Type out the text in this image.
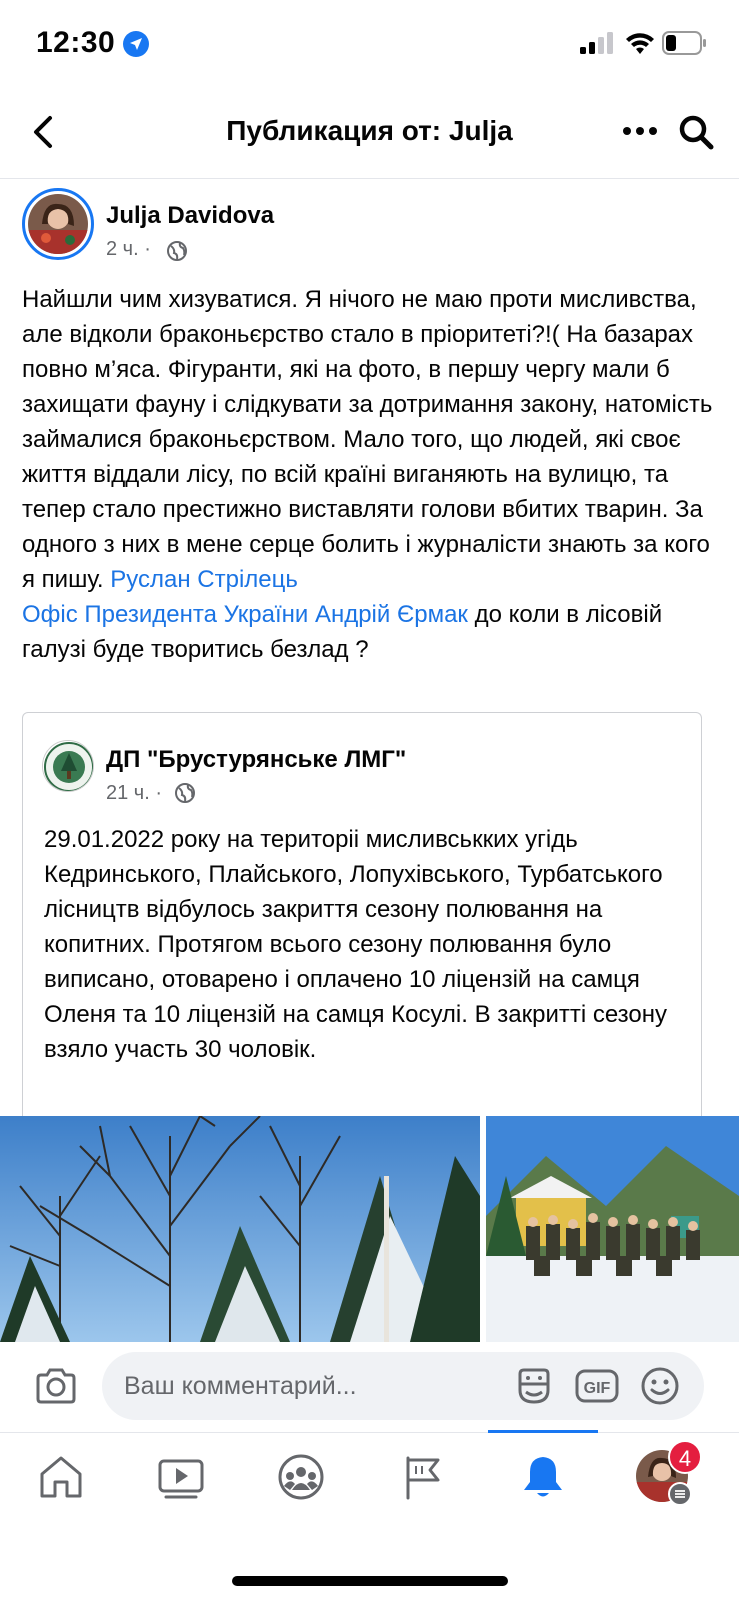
12:30
Публикация от: Julja
Julja Davidova
2 ч. ·
Найшли чим хизуватися. Я нічого не маю проти мисливства, але відколи браконьєрство стало в пріоритеті?!( На базарах повно м’яса. Фігуранти, які на фото, в першу чергу мали б захищати фауну і слідкувати за дотримання закону, натомість займалися браконьєрством. Мало того, що людей, які своє життя віддали лісу, по всій країні виганяють на вулицю, та тепер стало престижно виставляти голови вбитих тварин. За одного з них в мене серце болить і журналісти знають за кого я пишу. Руслан Стрілець
Офіс Президента України Андрій Єрмак до коли в лісовій галузі буде творитись безлад ?
ДП "Брустурянське ЛМГ"
21 ч. ·
29.01.2022 року на територіі мисливськких угідь Кедринського, Плайського, Лопухівського, Турбатського лісництв відбулось закриття сезону полювання на копитних. Протягом всього сезону полювання було виписано, отоварено і оплачено 10 ліцензій на самця Оленя та 10 ліцензій на самця Косулі. В закритті сезону взяло участь 30 чоловік.
Ваш комментарий...	GIF
4
